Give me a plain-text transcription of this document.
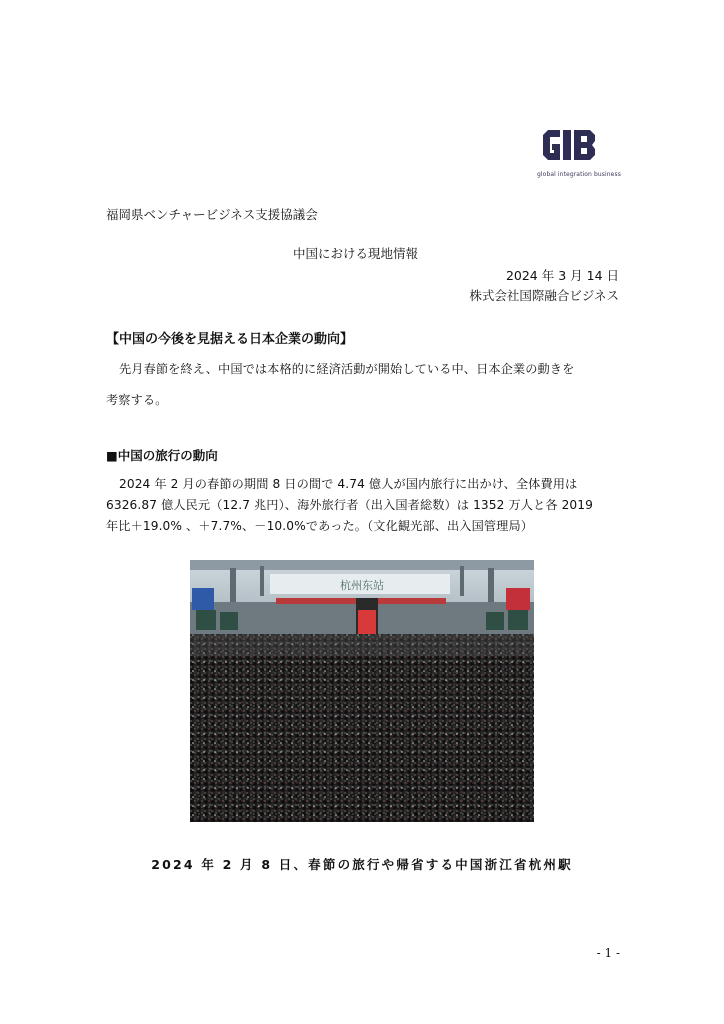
global integration business
福岡県ベンチャービジネス支援協議会
中国における現地情報
2024 年 3 月 14 日
株式会社国際融合ビジネス
【中国の今後を見据える日本企業の動向】
先月春節を終え、中国では本格的に経済活動が開始している中、日本企業の動きを
考察する。
■中国の旅行の動向
2024 年 2 月の春節の期間 8 日の間で 4.74 億人が国内旅行に出かけ、全体費用は
6326.87 億人民元（12.7 兆円）、海外旅行者（出入国者総数）は 1352 万人と各 2019
年比＋19.0% 、＋7.7%、－10.0%であった。（文化観光部、出入国管理局）
杭州东站
2024 年 2 月 8 日、春節の旅行や帰省する中国浙江省杭州駅
- 1 -
